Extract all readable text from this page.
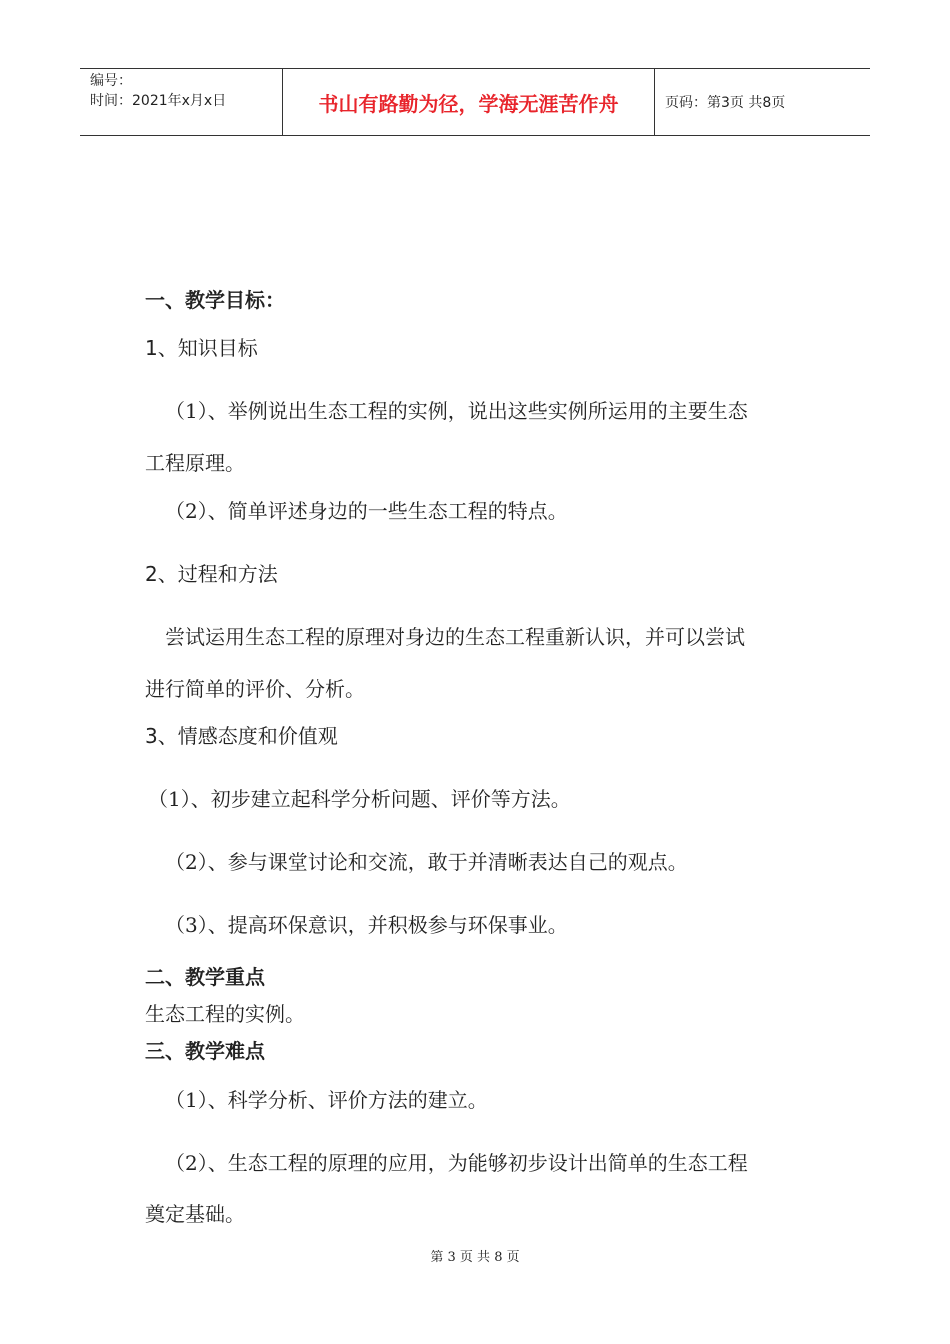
编号：
时间：2021年x月x日	书山有路勤为径，学海无涯苦作舟	页码：第3页 共8页
一、教学目标：
1、知识目标
（1）、举例说出生态工程的实例，说出这些实例所运用的主要生态
工程原理。
（2）、简单评述身边的一些生态工程的特点。
2、过程和方法
尝试运用生态工程的原理对身边的生态工程重新认识，并可以尝试
进行简单的评价、分析。
3、情感态度和价值观
（1）、初步建立起科学分析问题、评价等方法。
（2）、参与课堂讨论和交流，敢于并清晰表达自己的观点。
（3）、提高环保意识，并积极参与环保事业。
二、教学重点
生态工程的实例。
三、教学难点
（1）、科学分析、评价方法的建立。
（2）、生态工程的原理的应用，为能够初步设计出简单的生态工程
奠定基础。
第 3 页 共 8 页
